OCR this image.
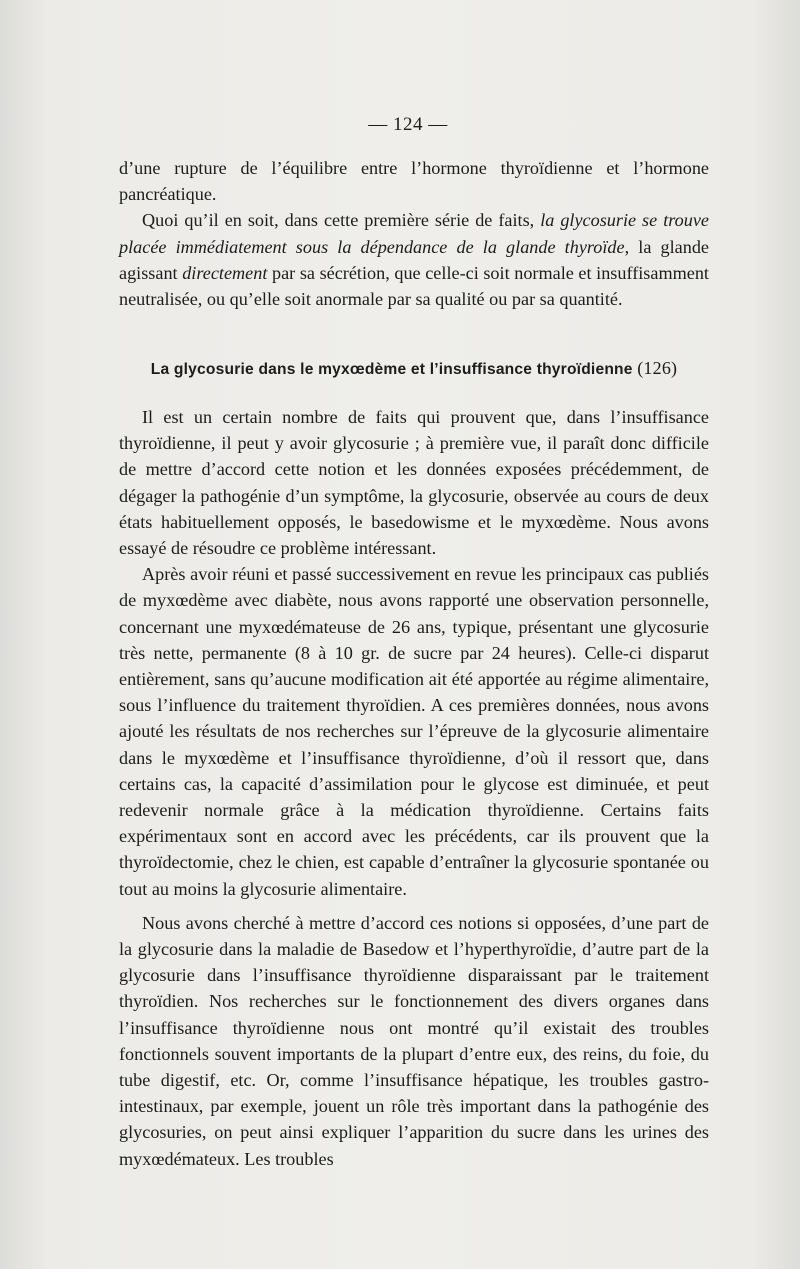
— 124 —

d’une rupture de l’équilibre entre l’hormone thyroïdienne et l’hormone pancréatique.

Quoi qu’il en soit, dans cette première série de faits, la glycosurie se trouve placée immédiatement sous la dépendance de la glande thyroïde, la glande agissant directement par sa sécrétion, que celle-ci soit normale et insuffisamment neutralisée, ou qu’elle soit anormale par sa qualité ou par sa quantité.

La glycosurie dans le myxœdème et l’insuffisance thyroïdienne (126)

Il est un certain nombre de faits qui prouvent que, dans l’insuffisance thyroïdienne, il peut y avoir glycosurie ; à première vue, il paraît donc difficile de mettre d’accord cette notion et les données exposées précédemment, de dégager la pathogénie d’un symptôme, la glycosurie, observée au cours de deux états habituellement opposés, le basedowisme et le myxœdème. Nous avons essayé de résoudre ce problème intéressant.

Après avoir réuni et passé successivement en revue les principaux cas publiés de myxœdème avec diabète, nous avons rapporté une observation personnelle, concernant une myxœdémateuse de 26 ans, typique, présentant une glycosurie très nette, permanente (8 à 10 gr. de sucre par 24 heures). Celle-ci disparut entièrement, sans qu’aucune modification ait été apportée au régime alimentaire, sous l’influence du traitement thyroïdien. A ces premières données, nous avons ajouté les résultats de nos recherches sur l’épreuve de la glycosurie alimentaire dans le myxœdème et l’insuffisance thyroïdienne, d’où il ressort que, dans certains cas, la capacité d’assimilation pour le glycose est diminuée, et peut redevenir normale grâce à la médication thyroïdienne. Certains faits expérimentaux sont en accord avec les précédents, car ils prouvent que la thyroïdectomie, chez le chien, est capable d’entraîner la glycosurie spontanée ou tout au moins la glycosurie alimentaire.

Nous avons cherché à mettre d’accord ces notions si opposées, d’une part de la glycosurie dans la maladie de Basedow et l’hyperthyroïdie, d’autre part de la glycosurie dans l’insuffisance thyroïdienne disparaissant par le traitement thyroïdien. Nos recherches sur le fonctionnement des divers organes dans l’insuffisance thyroïdienne nous ont montré qu’il existait des troubles fonctionnels souvent importants de la plupart d’entre eux, des reins, du foie, du tube digestif, etc. Or, comme l’insuffisance hépatique, les troubles gastro-intestinaux, par exemple, jouent un rôle très important dans la pathogénie des glycosuries, on peut ainsi expliquer l’apparition du sucre dans les urines des myxœdémateux. Les troubles
